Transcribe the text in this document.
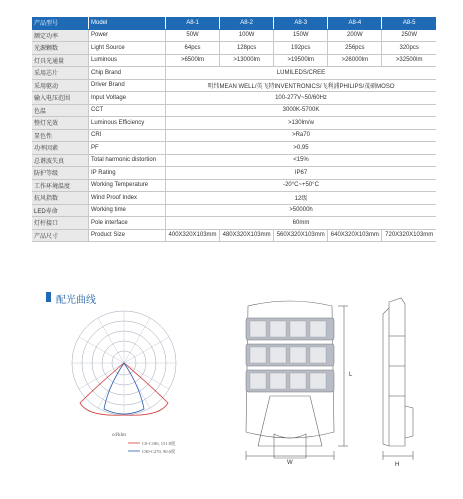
产品型号	Model	A8-1	A8-2	A8-3	A8-4	A8-5
额定功率	Power	50W	100W	150W	200W	250W
光源颗数	Light Source	64pcs	128pcs	192pcs	256pcs	320pcs
灯具光通量	Luminous	>6500lm	>13000lm	>19500lm	>26000lm	>32500lm
采用芯片	Chip Brand	LUMILEDS/CREE				
采用驱动	Driver Brand	明纬MEAN WELL/英飞特INVENTRONICS/飞利浦PHILIPS/茂硕MOSO				
输入电压范围	Input Voltage	100-277V~50/60Hz				
色温	CCT	3000K-5700K				
整灯光效	Luminous Efficiency	>130lm/w				
显色性	CRI	>Ra70				
功率因素	PF	>0.95				
总谐波失真	Total harmonic distortion	<15%				
防护等级	IP Rating	IP67				
工作环境温度	Working Temperature	-20°C~+50°C				
抗风指数	Wind Proof Index	12级				
LED寿命	Working time	>50000h				
灯杆接口	Pole interface	60mm				
产品尺寸	Product Size	400X320X103mm	480X320X103mm	560X320X103mm	640X320X103mm	720X320X103mm
配光曲线
cd/klm
C0-C180, 151.8度
C90-C270, 90.6度
L
W	H
